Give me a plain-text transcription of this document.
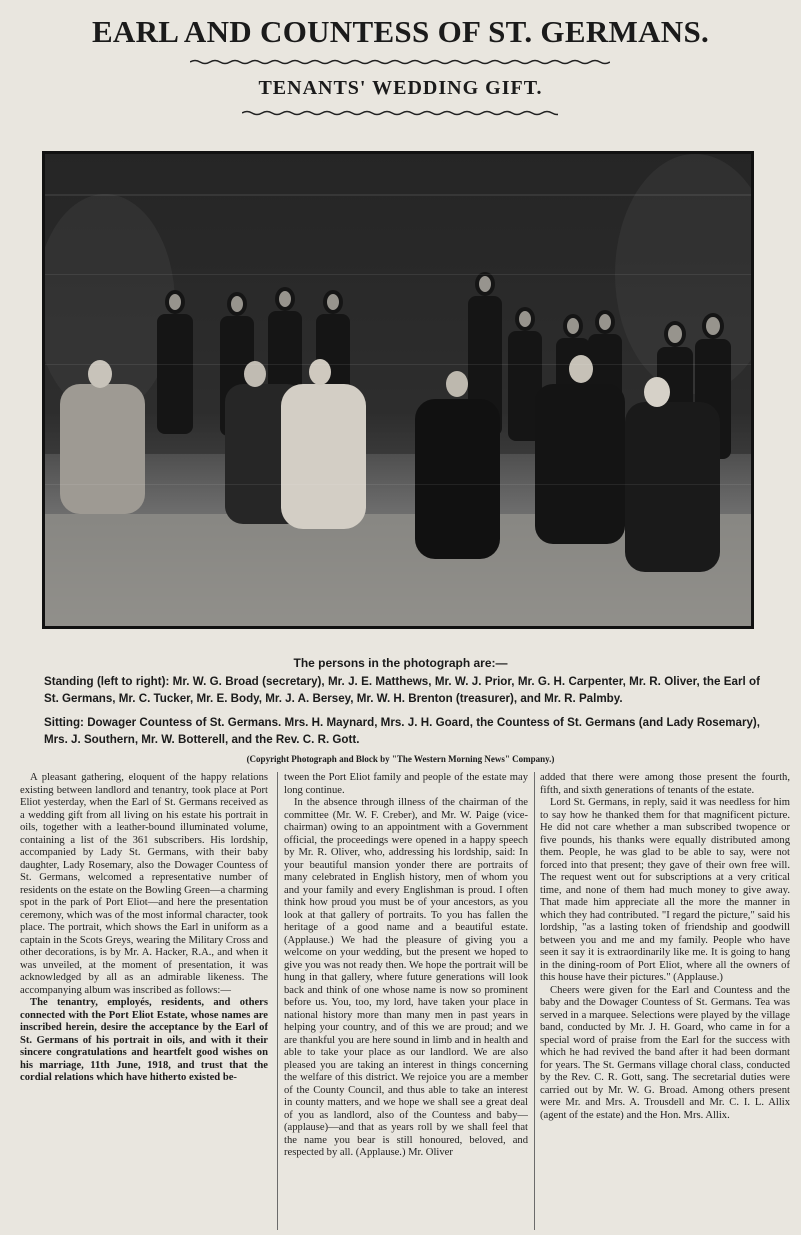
EARL AND COUNTESS OF ST. GERMANS.
TENANTS' WEDDING GIFT.
The persons in the photograph are:—
Standing (left to right): Mr. W. G. Broad (secretary), Mr. J. E. Matthews, Mr. W. J. Prior, Mr. G. H. Carpenter, Mr. R. Oliver, the Earl of St. Germans, Mr. C. Tucker, Mr. E. Body, Mr. J. A. Bersey, Mr. W. H. Brenton (treasurer), and Mr. R. Palmby.
Sitting: Dowager Countess of St. Germans. Mrs. H. Maynard, Mrs. J. H. Goard, the Countess of St. Germans (and Lady Rosemary), Mrs. J. Southern, Mr. W. Botterell, and the Rev. C. R. Gott.
(Copyright Photograph and Block by "The Western Morning News" Company.)

A pleasant gathering, eloquent of the happy relations existing between landlord and tenantry, took place at Port Eliot yesterday, when the Earl of St. Germans received as a wedding gift from all living on his estate his portrait in oils, together with a leather-bound illuminated volume, containing a list of the 361 subscribers. His lordship, accompanied by Lady St. Germans, with their baby daughter, Lady Rosemary, also the Dowager Countess of St. Germans, welcomed a representative number of residents on the estate on the Bowling Green—a charming spot in the park of Port Eliot—and here the presentation ceremony, which was of the most informal character, took place. The portrait, which shows the Earl in uniform as a captain in the Scots Greys, wearing the Military Cross and other decorations, is by Mr. A. Hacker, R.A., and when it was unveiled, at the moment of presentation, it was acknowledged by all as an admirable likeness. The accompanying album was inscribed as follows:—

The tenantry, employés, residents, and others connected with the Port Eliot Estate, whose names are inscribed herein, desire the acceptance by the Earl of St. Germans of his portrait in oils, and with it their sincere congratulations and heartfelt good wishes on his marriage, 11th June, 1918, and trust that the cordial relations which have hitherto existed be-

tween the Port Eliot family and people of the estate may long continue.

In the absence through illness of the chairman of the committee (Mr. W. F. Creber), and Mr. W. Paige (vice-chairman) owing to an appointment with a Government official, the proceedings were opened in a happy speech by Mr. R. Oliver, who, addressing his lordship, said: In your beautiful mansion yonder there are portraits of many celebrated in English history, men of whom you and your family and every Englishman is proud. I often think how proud you must be of your ancestors, as you look at that gallery of portraits. To you has fallen the heritage of a good name and a beautiful estate. (Applause.) We had the pleasure of giving you a welcome on your wedding, but the present we hoped to give you was not ready then. We hope the portrait will be hung in that gallery, where future generations will look back and think of one whose name is now so prominent before us. You, too, my lord, have taken your place in national history more than many men in past years in helping your country, and of this we are proud; and we are thankful you are here sound in limb and in health and able to take your place as our landlord. We are also pleased you are taking an interest in things concerning the welfare of this district. We rejoice you are a member of the County Council, and thus able to take an interest in county matters, and we hope we shall see a great deal of you as landlord, also of the Countess and baby—(applause)—and that as years roll by we shall feel that the name you bear is still honoured, beloved, and respected by all. (Applause.) Mr. Oliver

added that there were among those present the fourth, fifth, and sixth generations of tenants of the estate.

Lord St. Germans, in reply, said it was needless for him to say how he thanked them for that magnificent picture. He did not care whether a man subscribed twopence or five pounds, his thanks were equally distributed among them. People, he was glad to be able to say, were not forced into that present; they gave of their own free will. The request went out for subscriptions at a very critical time, and none of them had much money to give away. That made him appreciate all the more the manner in which they had contributed. "I regard the picture," said his lordship, "as a lasting token of friendship and goodwill between you and me and my family. People who have seen it say it is extraordinarily like me. It is going to hang in the dining-room of Port Eliot, where all the owners of this house have their pictures." (Applause.)

Cheers were given for the Earl and Countess and the baby and the Dowager Countess of St. Germans. Tea was served in a marquee. Selections were played by the village band, conducted by Mr. J. H. Goard, who came in for a special word of praise from the Earl for the success with which he had revived the band after it had been dormant for years. The St. Germans village choral class, conducted by the Rev. C. R. Gott, sang. The secretarial duties were carried out by Mr. W. G. Broad. Among others present were Mr. and Mrs. A. Trousdell and Mr. C. I. L. Allix (agent of the estate) and the Hon. Mrs. Allix.
